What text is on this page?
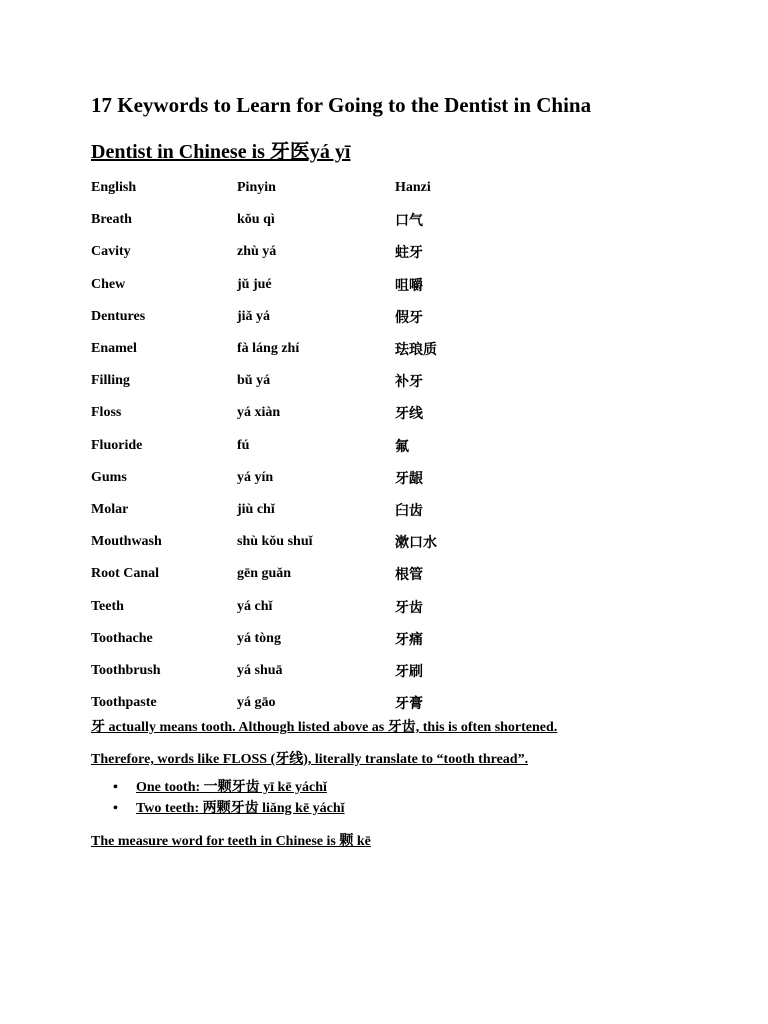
17 Keywords to Learn for Going to the Dentist in China
Dentist in Chinese is 牙医yá yī
English	Pinyin	Hanzi
Breath	kǒu qì	口气
Cavity	zhù yá	蛀牙
Chew	jǔ jué	咀嚼
Dentures	jiǎ yá	假牙
Enamel	fà láng zhí	珐琅质
Filling	bǔ yá	补牙
Floss	yá xiàn	牙线
Fluoride	fú	氟
Gums	yá yín	牙龈
Molar	jiù chǐ	臼齿
Mouthwash	shù kǒu shuǐ	漱口水
Root Canal	gēn guǎn	根管
Teeth	yá chǐ	牙齿
Toothache	yá tòng	牙痛
Toothbrush	yá shuā	牙刷
Toothpaste	yá gāo	牙膏

牙 actually means tooth. Although listed above as 牙齿, this is often shortened.

Therefore, words like FLOSS (牙线), literally translate to “tooth thread”.

• One tooth: 一颗牙齿 yī kē yáchǐ
• Two teeth: 两颗牙齿 liǎng kē yáchǐ

The measure word for teeth in Chinese is 颗 kē
